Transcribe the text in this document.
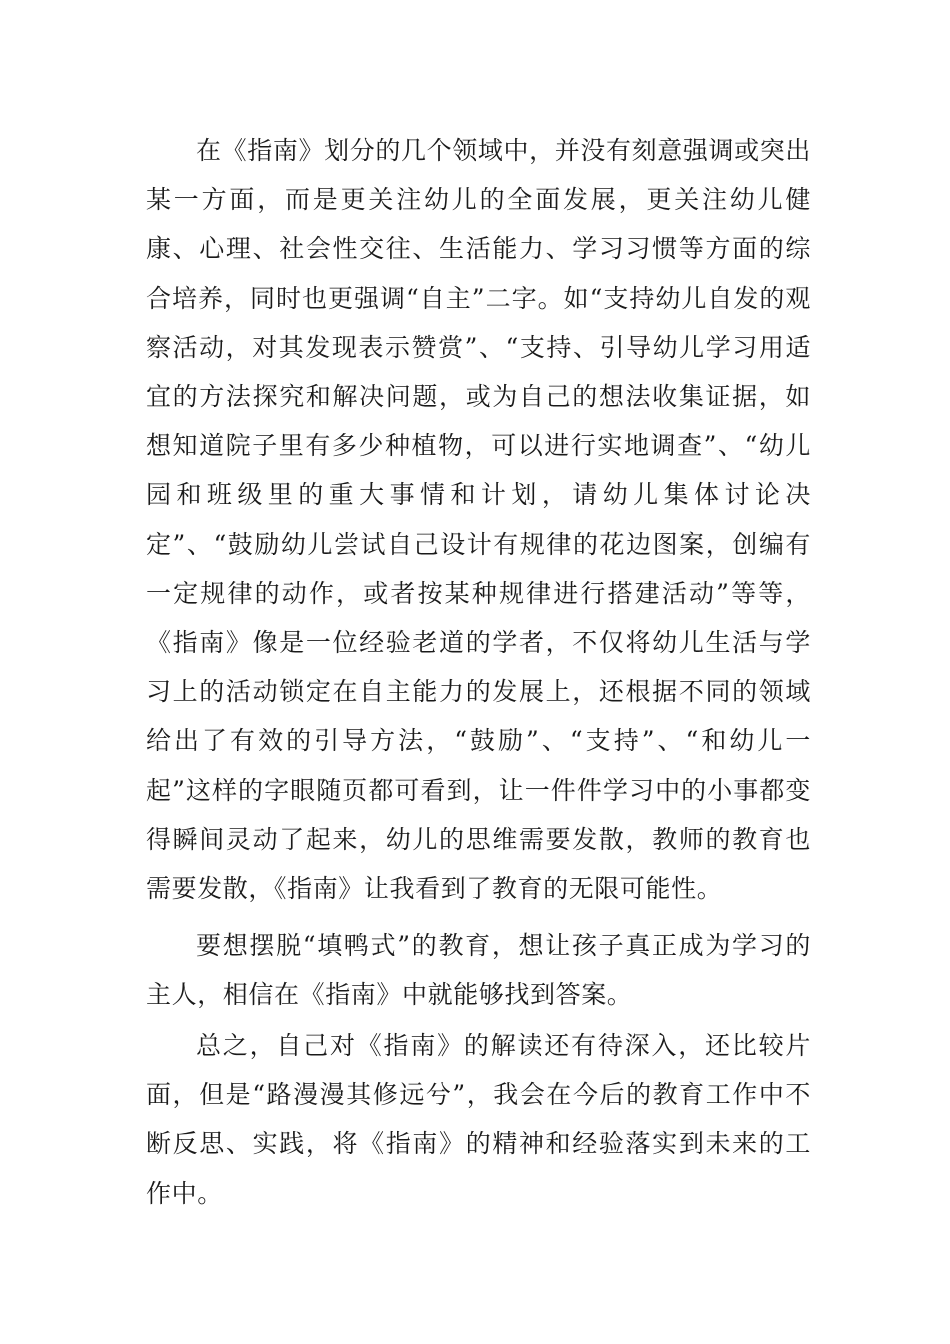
在《指南》划分的几个领域中，并没有刻意强调或突出某一方面，而是更关注幼儿的全面发展，更关注幼儿健康、心理、社会性交往、生活能力、学习习惯等方面的综合培养，同时也更强调“自主”二字。如“支持幼儿自发的观察活动，对其发现表示赞赏”、“支持、引导幼儿学习用适宜的方法探究和解决问题，或为自己的想法收集证据，如想知道院子里有多少种植物，可以进行实地调查”、“幼儿园和班级里的重大事情和计划，请幼儿集体讨论决定”、“鼓励幼儿尝试自己设计有规律的花边图案，创编有一定规律的动作，或者按某种规律进行搭建活动”等等，《指南》像是一位经验老道的学者，不仅将幼儿生活与学习上的活动锁定在自主能力的发展上，还根据不同的领域给出了有效的引导方法，“鼓励”、“支持”、“和幼儿一起”这样的字眼随页都可看到，让一件件学习中的小事都变得瞬间灵动了起来，幼儿的思维需要发散，教师的教育也需要发散，《指南》让我看到了教育的无限可能性。

要想摆脱“填鸭式”的教育，想让孩子真正成为学习的主人，相信在《指南》中就能够找到答案。

总之，自己对《指南》的解读还有待深入，还比较片面，但是“路漫漫其修远兮”，我会在今后的教育工作中不断反思、实践，将《指南》的精神和经验落实到未来的工作中。
